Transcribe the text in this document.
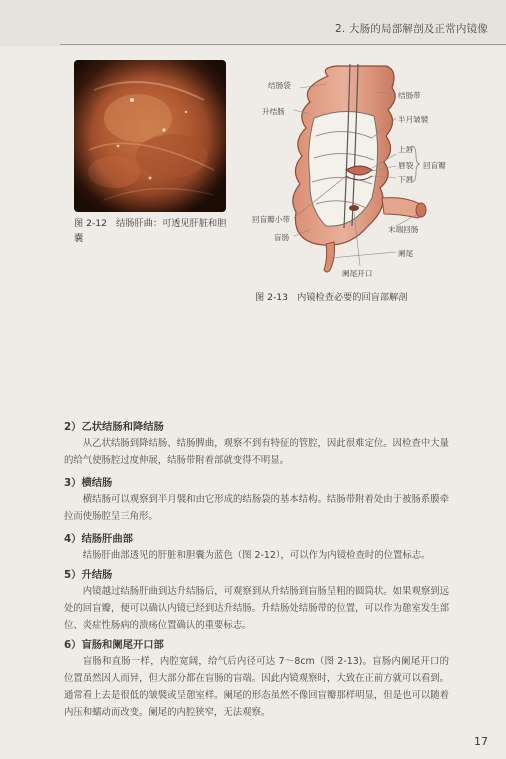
2. 大肠的局部解剖及正常内镜像
图 2-12　结肠肝曲：可透见肝脏和胆囊
结肠袋
升结肠
结肠带
半月皱襞
上唇
唇裂
下唇
回盲瓣
回盲瓣小带
盲肠
末端回肠
阑尾
阑尾开口
图 2-13　内镜检查必要的回盲部解剖
2）乙状结肠和降结肠

从乙状结肠到降结肠、结肠脾曲，观察不到有特征的管腔，因此很难定位。因检查中大量的给气使肠腔过度伸展，结肠带附着部就变得不明显。

3）横结肠

横结肠可以观察到半月襞和由它形成的结肠袋的基本结构。结肠带附着处由于被肠系膜牵拉而使肠腔呈三角形。

4）结肠肝曲部

结肠肝曲部透见的肝脏和胆囊为蓝色（图 2-12），可以作为内镜检查时的位置标志。

5）升结肠

内镜越过结肠肝曲到达升结肠后，可观察到从升结肠到盲肠呈粗的圆筒状。如果观察到远处的回盲瓣，便可以确认内镜已经到达升结肠。升结肠处结肠带的位置，可以作为憩室发生部位、炎症性肠病的溃疡位置确认的重要标志。

6）盲肠和阑尾开口部

盲肠和直肠一样，内腔宽阔，给气后内径可达 7～8cm（图 2-13)。盲肠内阑尾开口的位置虽然因人而异，但大部分都在盲肠的盲端。因此内镜观察时，大致在正前方就可以看到。通常看上去是很低的皱襞或呈憩室样。阑尾的形态虽然不像回盲瓣那样明显，但是也可以随着内压和蠕动而改变。阑尾的内腔狭窄，无法观察。

17
